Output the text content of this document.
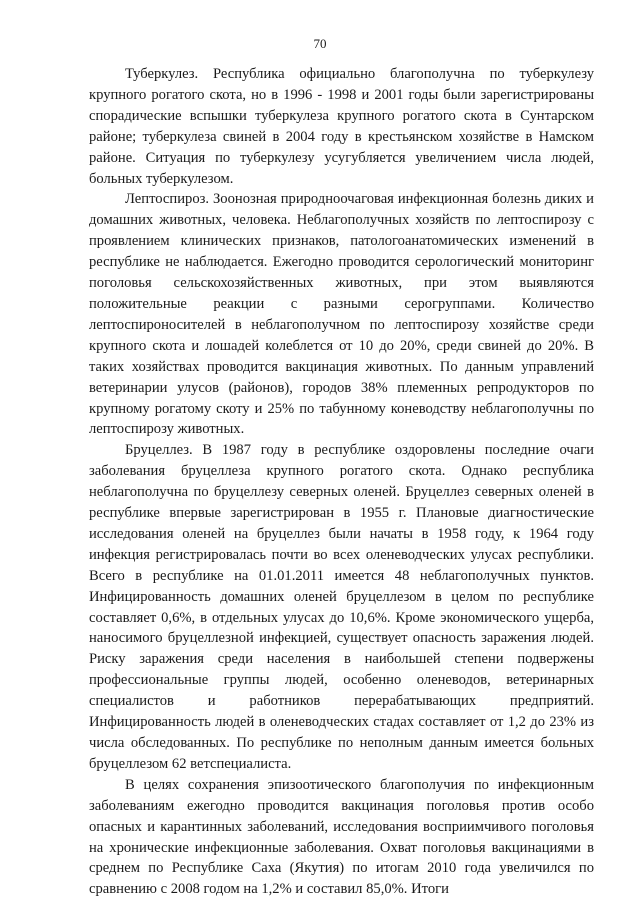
70

Туберкулез. Республика официально благополучна по туберкулезу крупного рогатого скота, но в 1996 - 1998 и 2001 годы были зарегистрированы спорадические вспышки туберкулеза крупного рогатого скота в Сунтарском районе; туберкулеза свиней в 2004 году в крестьянском хозяйстве в Намском районе. Ситуация по туберкулезу усугубляется увеличением числа людей, больных туберкулезом.

Лептоспироз. Зоонозная природноочаговая инфекционная болезнь диких и домашних животных, человека. Неблагополучных хозяйств по лептоспирозу с проявлением клинических признаков, патологоанатомических изменений в республике не наблюдается. Ежегодно проводится серологический мониторинг поголовья сельскохозяйственных животных, при этом выявляются положительные реакции с разными серогруппами. Количество лептоспироносителей в неблагополучном по лептоспирозу хозяйстве среди крупного скота и лошадей колеблется от 10 до 20%, среди свиней до 20%. В таких хозяйствах проводится вакцинация животных. По данным управлений ветеринарии улусов (районов), городов 38% племенных репродукторов по крупному рогатому скоту и 25% по табунному коневодству неблагополучны по лептоспирозу животных.

Бруцеллез. В 1987 году в республике оздоровлены последние очаги заболевания бруцеллеза крупного рогатого скота. Однако республика неблагополучна по бруцеллезу северных оленей. Бруцеллез северных оленей в республике впервые зарегистрирован в 1955 г. Плановые диагностические исследования оленей на бруцеллез были начаты в 1958 году, к 1964 году инфекция регистрировалась почти во всех оленеводческих улусах республики. Всего в республике на 01.01.2011 имеется 48 неблагополучных пунктов. Инфицированность домашних оленей бруцеллезом в целом по республике составляет 0,6%, в отдельных улусах до 10,6%. Кроме экономического ущерба, наносимого бруцеллезной инфекцией, существует опасность заражения людей. Риску заражения среди населения в наибольшей степени подвержены профессиональные группы людей, особенно оленеводов, ветеринарных специалистов и работников перерабатывающих предприятий. Инфицированность людей в оленеводческих стадах составляет от 1,2 до 23% из числа обследованных. По республике по неполным данным имеется больных бруцеллезом 62 ветспециалиста.

В целях сохранения эпизоотического благополучия по инфекционным заболеваниям ежегодно проводится вакцинация поголовья против особо опасных и карантинных заболеваний, исследования восприимчивого поголовья на хронические инфекционные заболевания. Охват поголовья вакцинациями в среднем по Республике Саха (Якутия) по итогам 2010 года увеличился по сравнению с 2008 годом на 1,2% и составил 85,0%. Итоги
